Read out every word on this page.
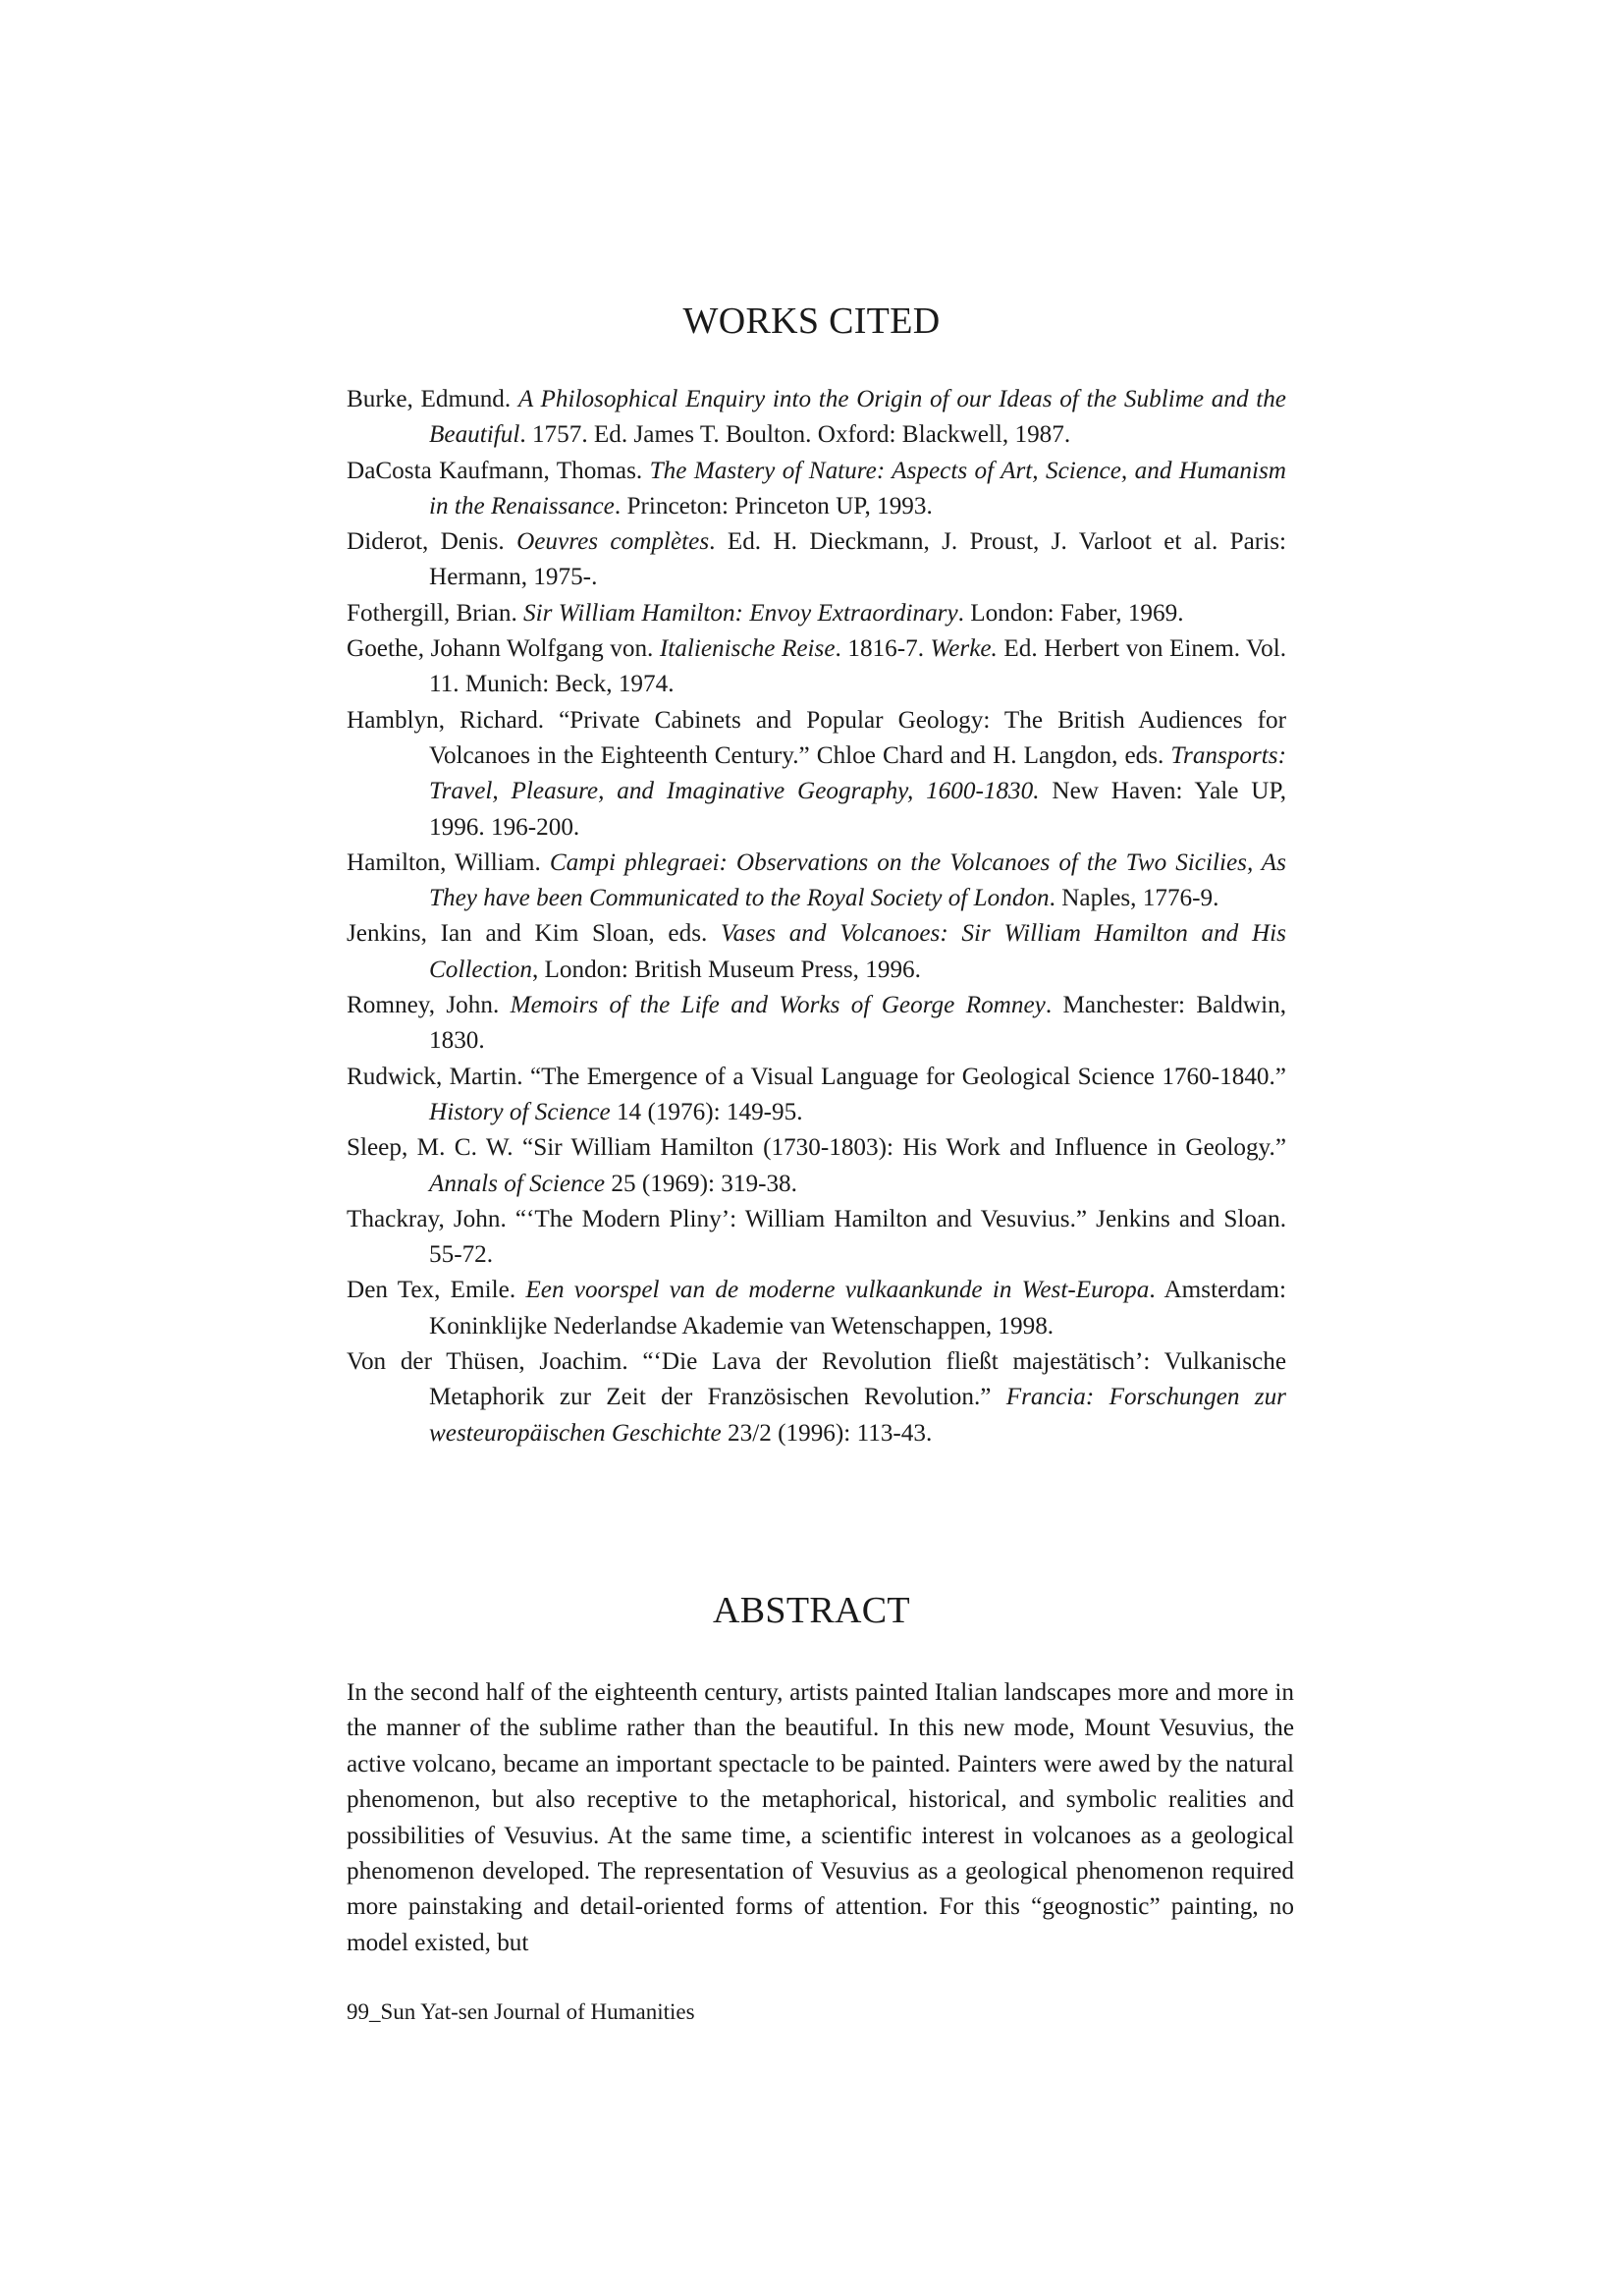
WORKS CITED
Burke, Edmund. A Philosophical Enquiry into the Origin of our Ideas of the Sublime and the Beautiful. 1757. Ed. James T. Boulton. Oxford: Blackwell, 1987.
DaCosta Kaufmann, Thomas. The Mastery of Nature: Aspects of Art, Science, and Humanism in the Renaissance. Princeton: Princeton UP, 1993.
Diderot, Denis. Oeuvres complètes. Ed. H. Dieckmann, J. Proust, J. Varloot et al. Paris: Hermann, 1975-.
Fothergill, Brian. Sir William Hamilton: Envoy Extraordinary. London: Faber, 1969.
Goethe, Johann Wolfgang von. Italienische Reise. 1816-7. Werke. Ed. Herbert von Einem. Vol. 11. Munich: Beck, 1974.
Hamblyn, Richard. “Private Cabinets and Popular Geology: The British Audiences for Volcanoes in the Eighteenth Century.” Chloe Chard and H. Langdon, eds. Transports: Travel, Pleasure, and Imaginative Geography, 1600-1830. New Haven: Yale UP, 1996. 196-200.
Hamilton, William. Campi phlegraei: Observations on the Volcanoes of the Two Sicilies, As They have been Communicated to the Royal Society of London. Naples, 1776-9.
Jenkins, Ian and Kim Sloan, eds. Vases and Volcanoes: Sir William Hamilton and His Collection, London: British Museum Press, 1996.
Romney, John. Memoirs of the Life and Works of George Romney. Manchester: Baldwin, 1830.
Rudwick, Martin. “The Emergence of a Visual Language for Geological Science 1760-1840.” History of Science 14 (1976): 149-95.
Sleep, M. C. W. “Sir William Hamilton (1730-1803): His Work and Influence in Geology.” Annals of Science 25 (1969): 319-38.
Thackray, John. “‘The Modern Pliny’: William Hamilton and Vesuvius.” Jenkins and Sloan. 55-72.
Den Tex, Emile. Een voorspel van de moderne vulkaankunde in West-Europa. Amsterdam: Koninklijke Nederlandse Akademie van Wetenschappen, 1998.
Von der Thüsen, Joachim. “‘Die Lava der Revolution fließt majestätisch’: Vulkanische Metaphorik zur Zeit der Französischen Revolution.” Francia: Forschungen zur westeuropäischen Geschichte 23/2 (1996): 113-43.
ABSTRACT

In the second half of the eighteenth century, artists painted Italian landscapes more and more in the manner of the sublime rather than the beautiful. In this new mode, Mount Vesuvius, the active volcano, became an important spectacle to be painted. Painters were awed by the natural phenomenon, but also receptive to the metaphorical, historical, and symbolic realities and possibilities of Vesuvius. At the same time, a scientific interest in volcanoes as a geological phenomenon developed. The representation of Vesuvius as a geological phenomenon required more painstaking and detail-oriented forms of attention. For this “geognostic” painting, no model existed, but

99_Sun Yat-sen Journal of Humanities
